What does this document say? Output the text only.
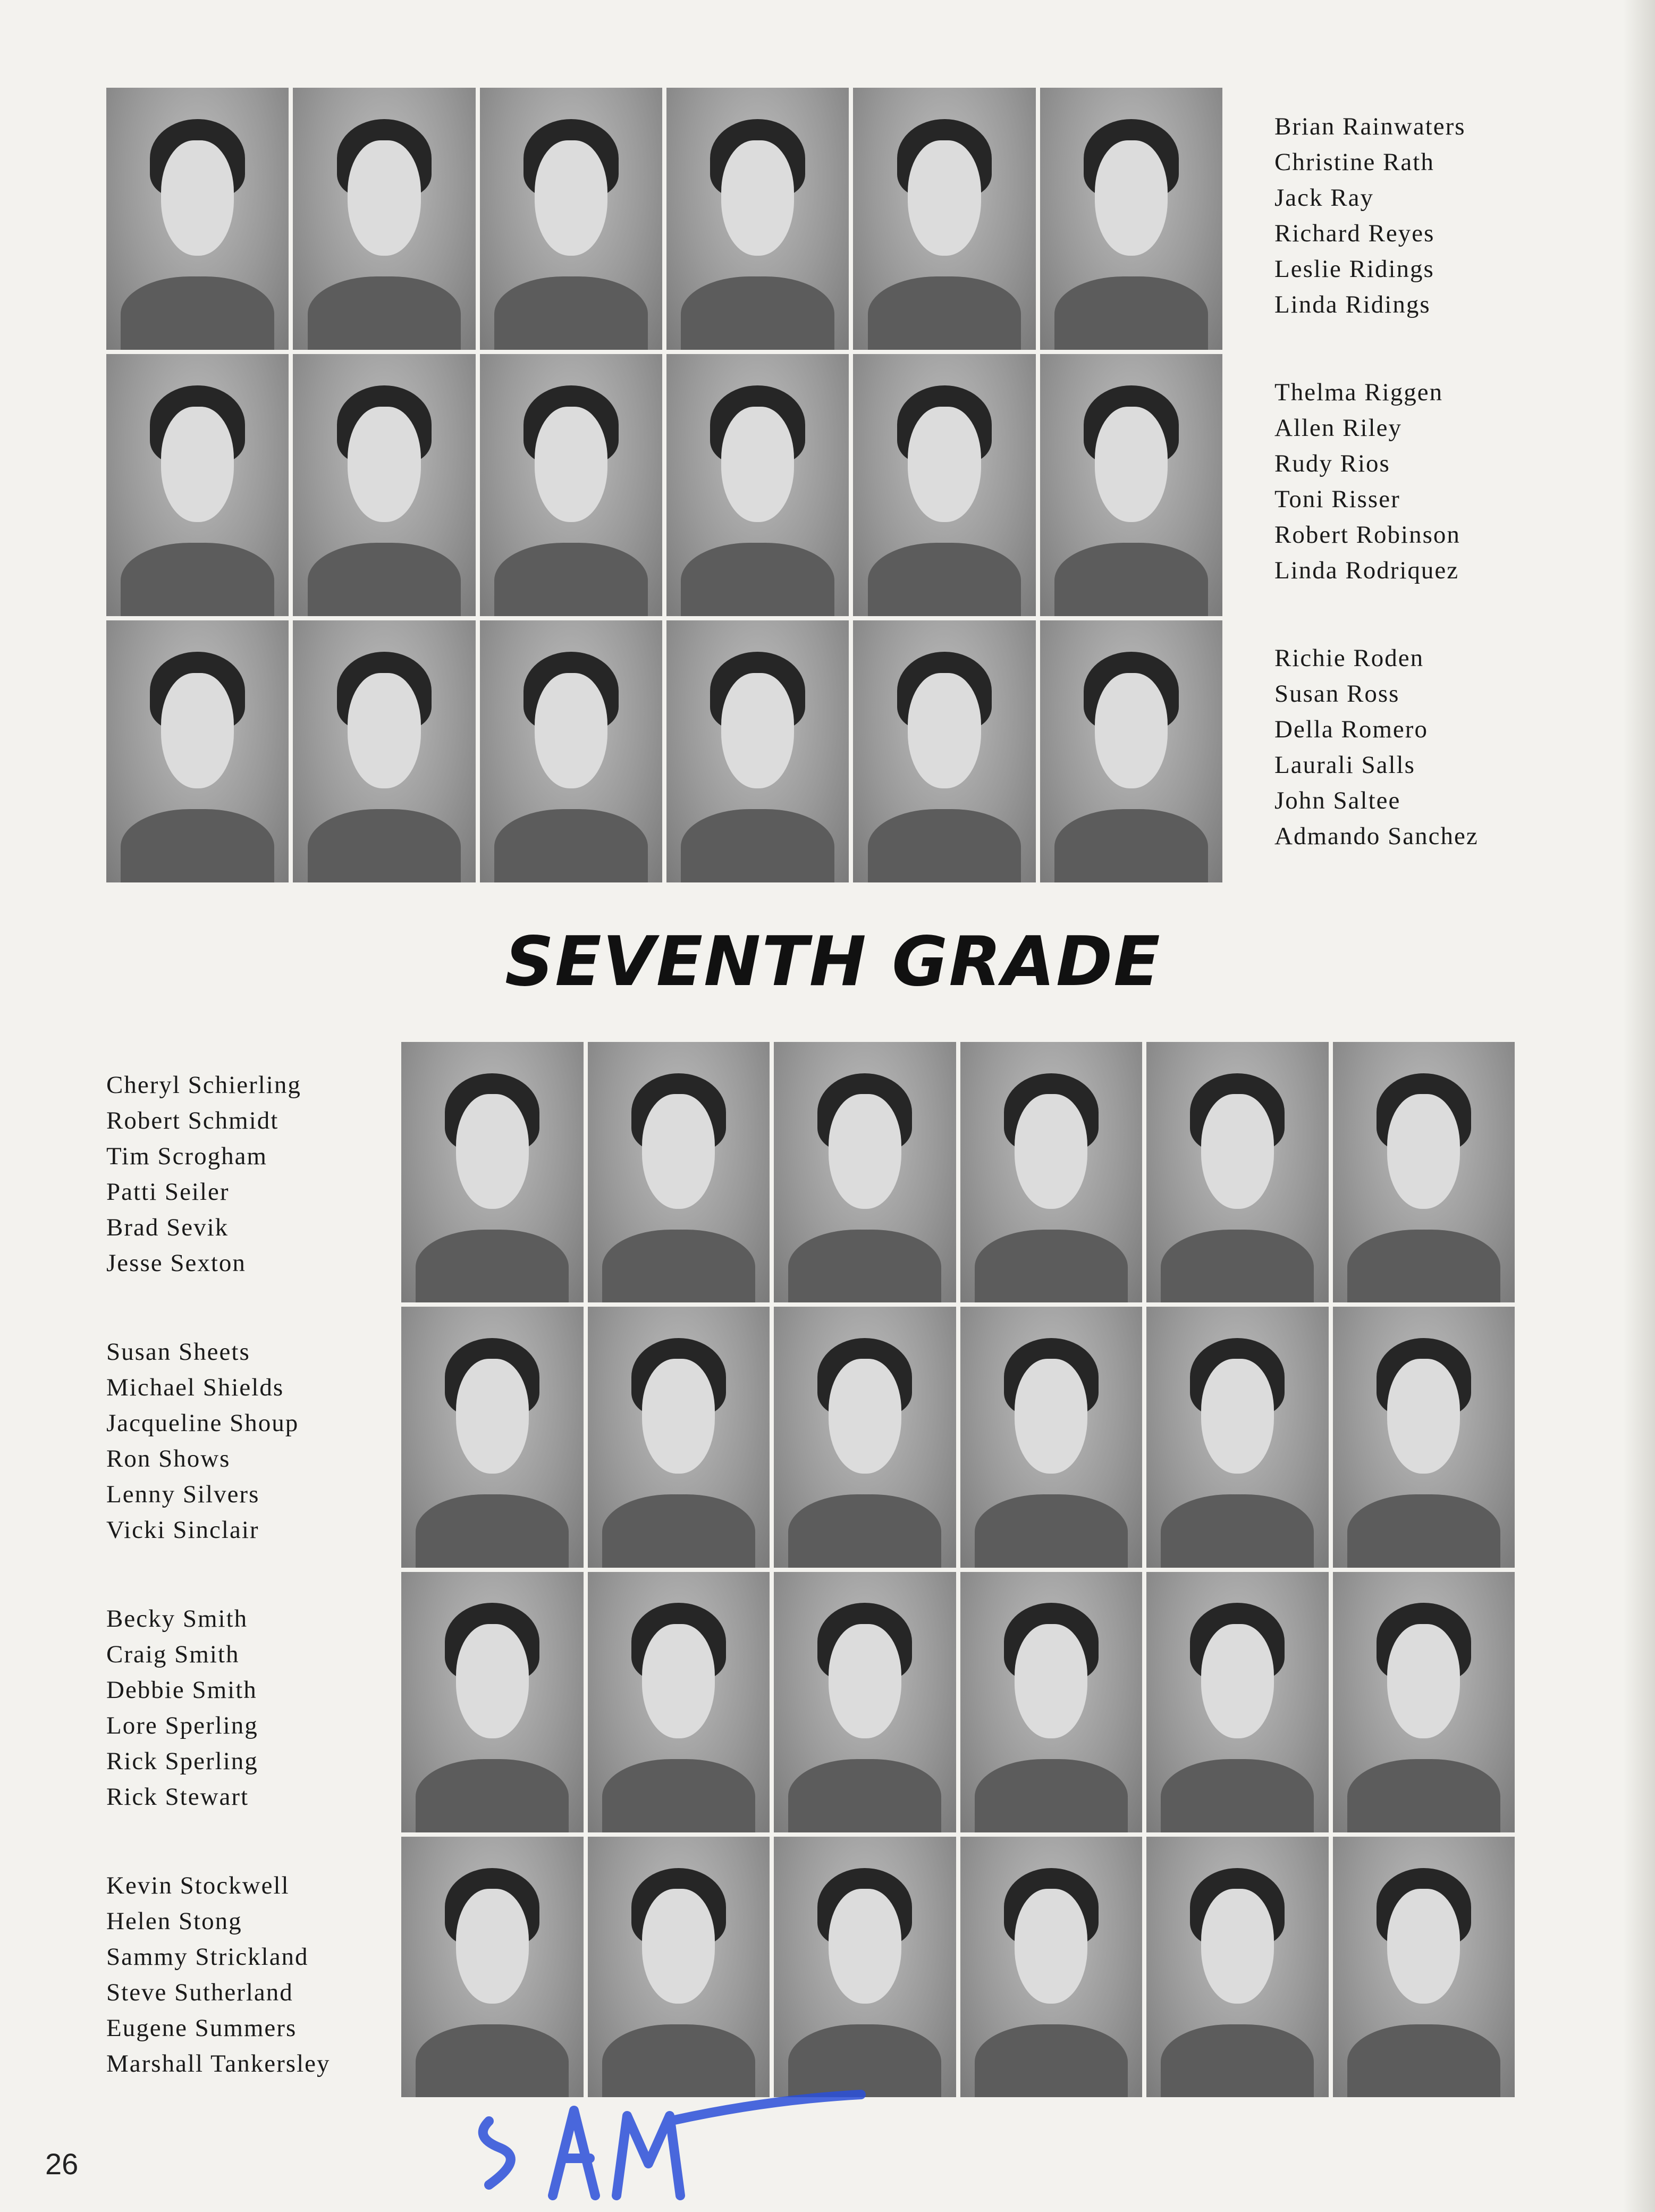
Brian Rainwaters
Christine Rath
Jack Ray
Richard Reyes
Leslie Ridings
Linda Ridings
Thelma Riggen
Allen Riley
Rudy Rios
Toni Risser
Robert Robinson
Linda Rodriquez
Richie Roden
Susan Ross
Della Romero
Laurali Salls
John Saltee
Admando Sanchez
SEVENTH GRADE
Cheryl Schierling
Robert Schmidt
Tim Scrogham
Patti Seiler
Brad Sevik
Jesse Sexton
Susan Sheets
Michael Shields
Jacqueline Shoup
Ron Shows
Lenny Silvers
Vicki Sinclair
Becky Smith
Craig Smith
Debbie Smith
Lore Sperling
Rick Sperling
Rick Stewart
Kevin Stockwell
Helen Stong
Sammy Strickland
Steve Sutherland
Eugene Summers
Marshall Tankersley
26
